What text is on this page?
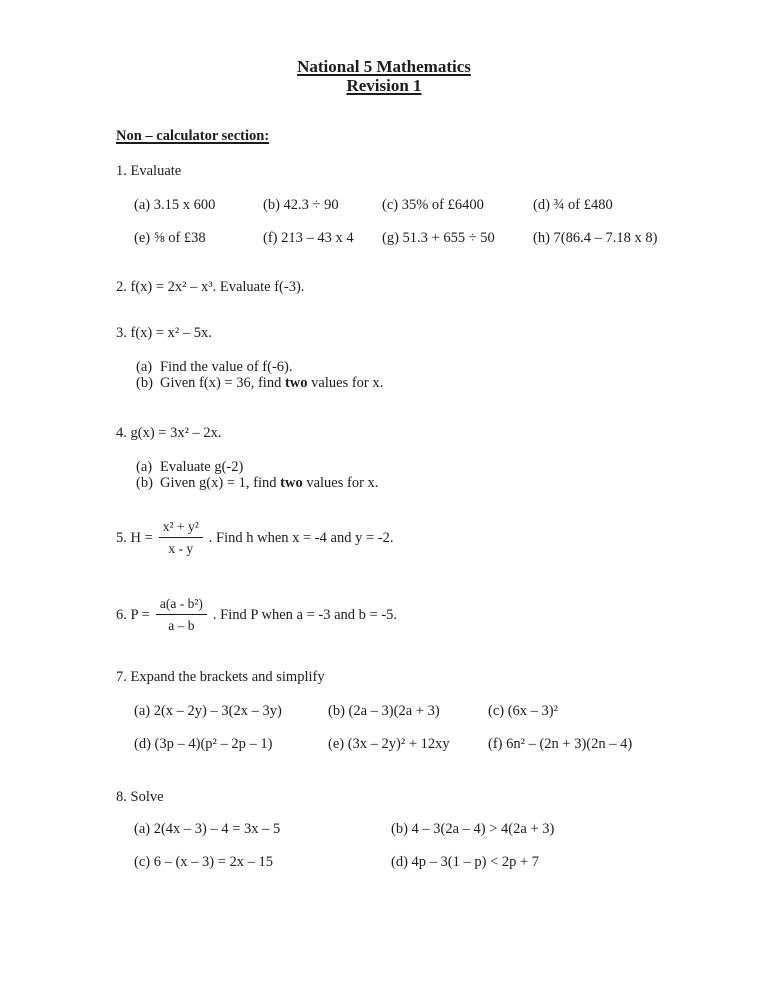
National 5 Mathematics
Revision 1
Non – calculator section:
1. Evaluate
(a) 3.15 x 600	(b) 42.3 ÷ 90	(c) 35% of £6400	(d) ¾ of £480
(e) ⅝ of £38	(f) 213 – 43 x 4	(g) 51.3 + 655 ÷ 50	(h) 7(86.4 – 7.18 x 8)
2. f(x) = 2x² – x³. Evaluate f(-3).
3. f(x) = x² – 5x.
(a) Find the value of f(-6).
(b) Given f(x) = 36, find two values for x.
4. g(x) = 3x² – 2x.
(a) Evaluate g(-2)
(b) Given g(x) = 1, find two values for x.
5. $H = \frac{\text{x² + y²}}{x - y}$ . Find h when x = -4 and y = -2.
6. $P = \frac{\text{a(a - b²)}}{a - b}$ . Find P when a = -3 and b = -5.
7. Expand the brackets and simplify
(a) 2(x – 2y) – 3(2x – 3y)	(b) (2a – 3)(2a + 3)	(c) (6x – 3)²
(d) (3p – 4)(p² – 2p – 1)	(e) (3x – 2y)² + 12xy	(f) 6n² – (2n + 3)(2n – 4)
8. Solve
(a) 2(4x – 3) – 4 = 3x – 5	(b) 4 – 3(2a – 4) > 4(2a + 3)
(c) 6 – (x – 3) = 2x – 15	(d) 4p – 3(1 – p) < 2p + 7
